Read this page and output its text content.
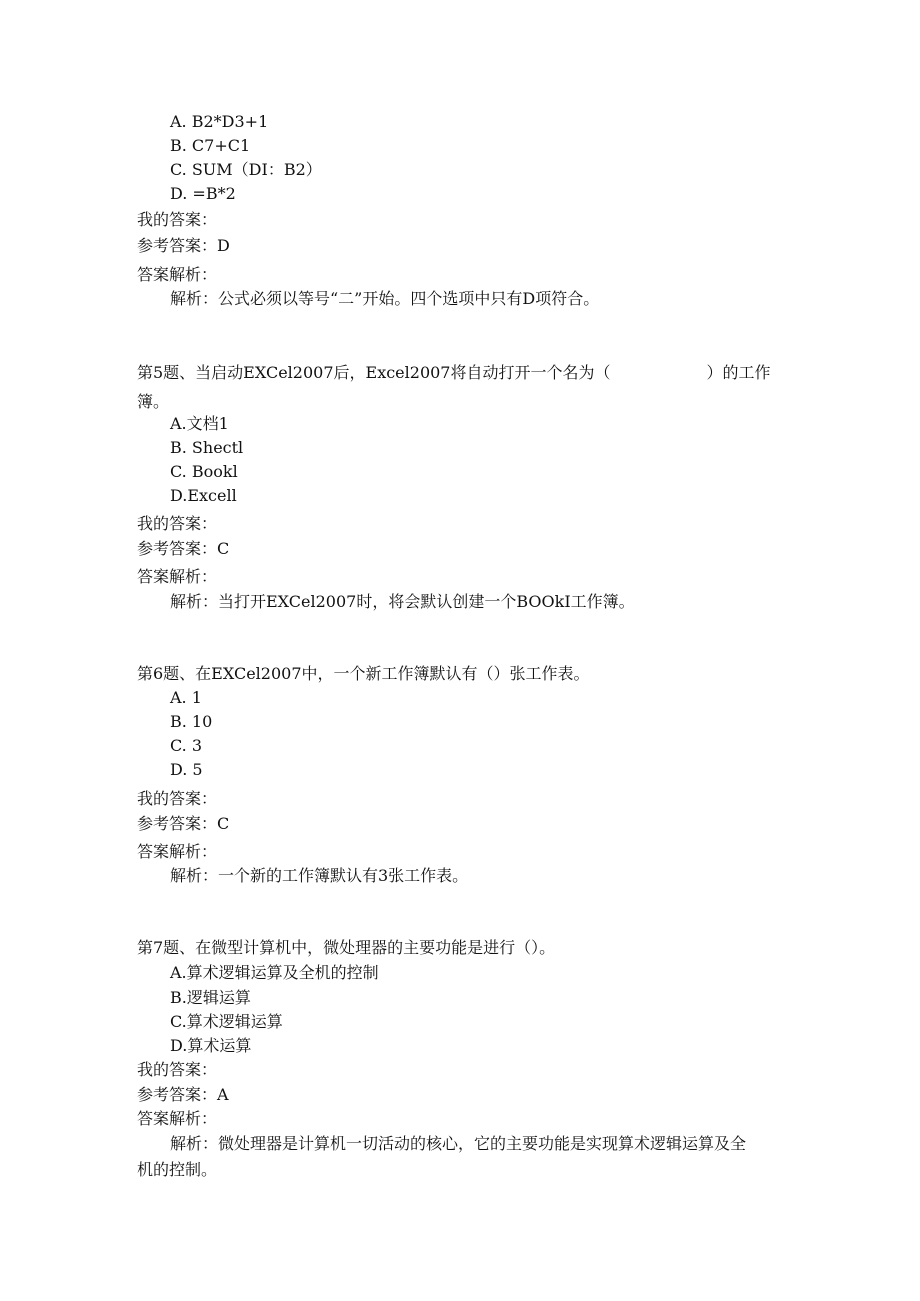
A. B2*D3+1
B. C7+C1
C. SUM（DI：B2）
D. =B*2
我的答案：
参考答案：D
答案解析：
解析：公式必须以等号“二”开始。四个选项中只有D项符合。
第5题、当启动EXCel2007后，Excel2007将自动打开一个名为（　　　　　　）的工作
簿。
A.文档1
B. Shectl
C. Bookl
D.Excell
我的答案：
参考答案：C
答案解析：
解析：当打开EXCel2007时，将会默认创建一个BOOkI工作簿。
第6题、在EXCel2007中，一个新工作簿默认有（）张工作表。
A. 1
B. 10
C. 3
D. 5
我的答案：
参考答案：C
答案解析：
解析：一个新的工作簿默认有3张工作表。
第7题、在微型计算机中，微处理器的主要功能是进行（）。
A.算术逻辑运算及全机的控制
B.逻辑运算
C.算术逻辑运算
D.算术运算
我的答案：
参考答案：A
答案解析：
解析：微处理器是计算机一切活动的核心，它的主要功能是实现算术逻辑运算及全
机的控制。
